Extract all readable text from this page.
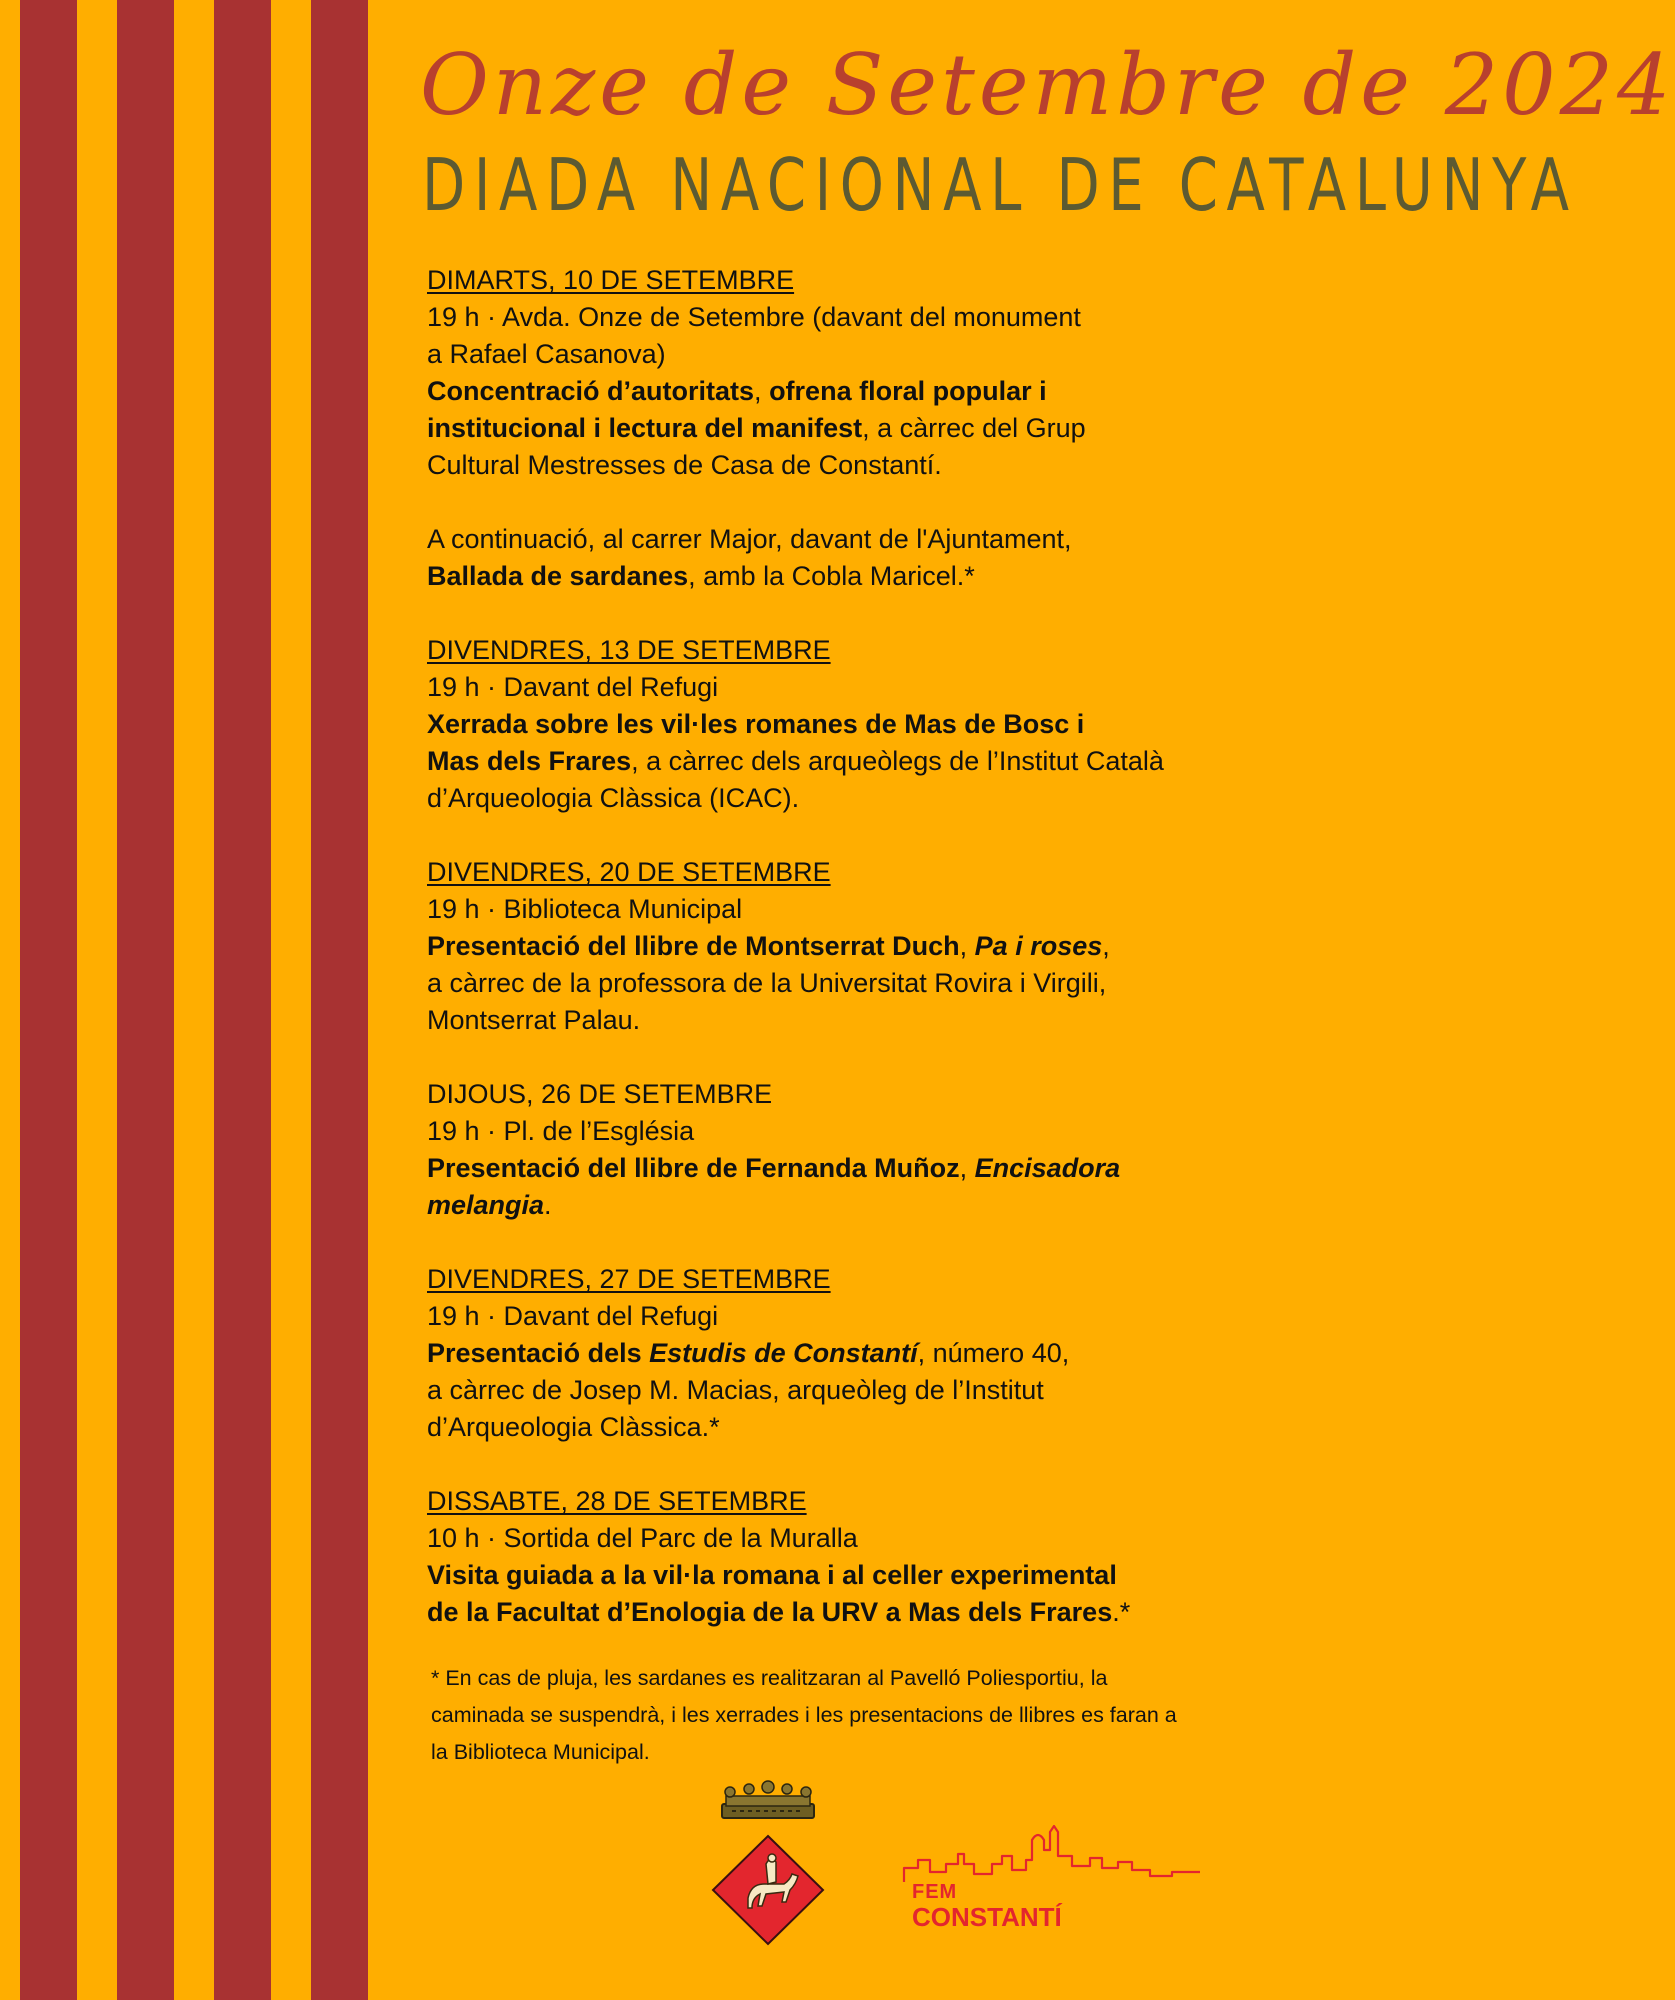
Onze de Setembre de 2024
DIADA NACIONAL DE CATALUNYA
DIMARTS, 10 DE SETEMBRE
19 h · Avda. Onze de Setembre (davant del monument
a Rafael Casanova)
Concentració d’autoritats, ofrena floral popular i
institucional i lectura del manifest, a càrrec del Grup
Cultural Mestresses de Casa de Constantí.
A continuació, al carrer Major, davant de l'Ajuntament,
Ballada de sardanes, amb la Cobla Maricel.*
DIVENDRES, 13 DE SETEMBRE
19 h · Davant del Refugi
Xerrada sobre les vil·les romanes de Mas de Bosc i
Mas dels Frares, a càrrec dels arqueòlegs de l’Institut Català
d’Arqueologia Clàssica (ICAC).
DIVENDRES, 20 DE SETEMBRE
19 h · Biblioteca Municipal
Presentació del llibre de Montserrat Duch, Pa i roses,
a càrrec de la professora de la Universitat Rovira i Virgili,
Montserrat Palau.
DIJOUS, 26 DE SETEMBRE
19 h · Pl. de l’Església
Presentació del llibre de Fernanda Muñoz, Encisadora
melangia.
DIVENDRES, 27 DE SETEMBRE
19 h · Davant del Refugi
Presentació dels Estudis de Constantí, número 40,
a càrrec de Josep M. Macias, arqueòleg de l’Institut
d’Arqueologia Clàssica.*
DISSABTE, 28 DE SETEMBRE
10 h · Sortida del Parc de la Muralla
Visita guiada a la vil·la romana i al celler experimental
de la Facultat d’Enologia de la URV a Mas dels Frares.*
* En cas de pluja, les sardanes es realitzaran al Pavelló Poliesportiu, la
caminada se suspendrà, i les xerrades i les presentacions de llibres es faran a
la Biblioteca Municipal.
FEM
CONSTANTÍ
